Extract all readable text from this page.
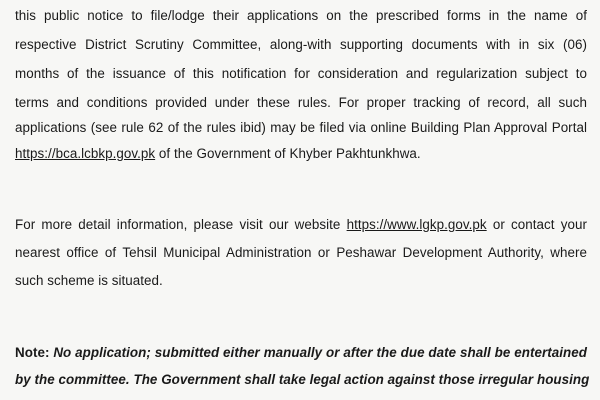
this public notice to file/lodge their applications on the prescribed forms in the name of
respective District Scrutiny Committee, along-with supporting documents with in six (06)
months of the issuance of this notification for consideration and regularization subject to
terms and conditions provided under these rules. For proper tracking of record, all such
applications (see rule 62 of the rules ibid) may be filed via online Building Plan Approval Portal
https://bca.lcbkp.gov.pk of the Government of Khyber Pakhtunkhwa.
For more detail information, please visit our website https://www.lgkp.gov.pk or contact your
nearest office of Tehsil Municipal Administration or Peshawar Development Authority, where
such scheme is situated.
Note: No application; submitted either manually or after the due date shall be entertained
by the committee. The Government shall take legal action against those irregular housing
